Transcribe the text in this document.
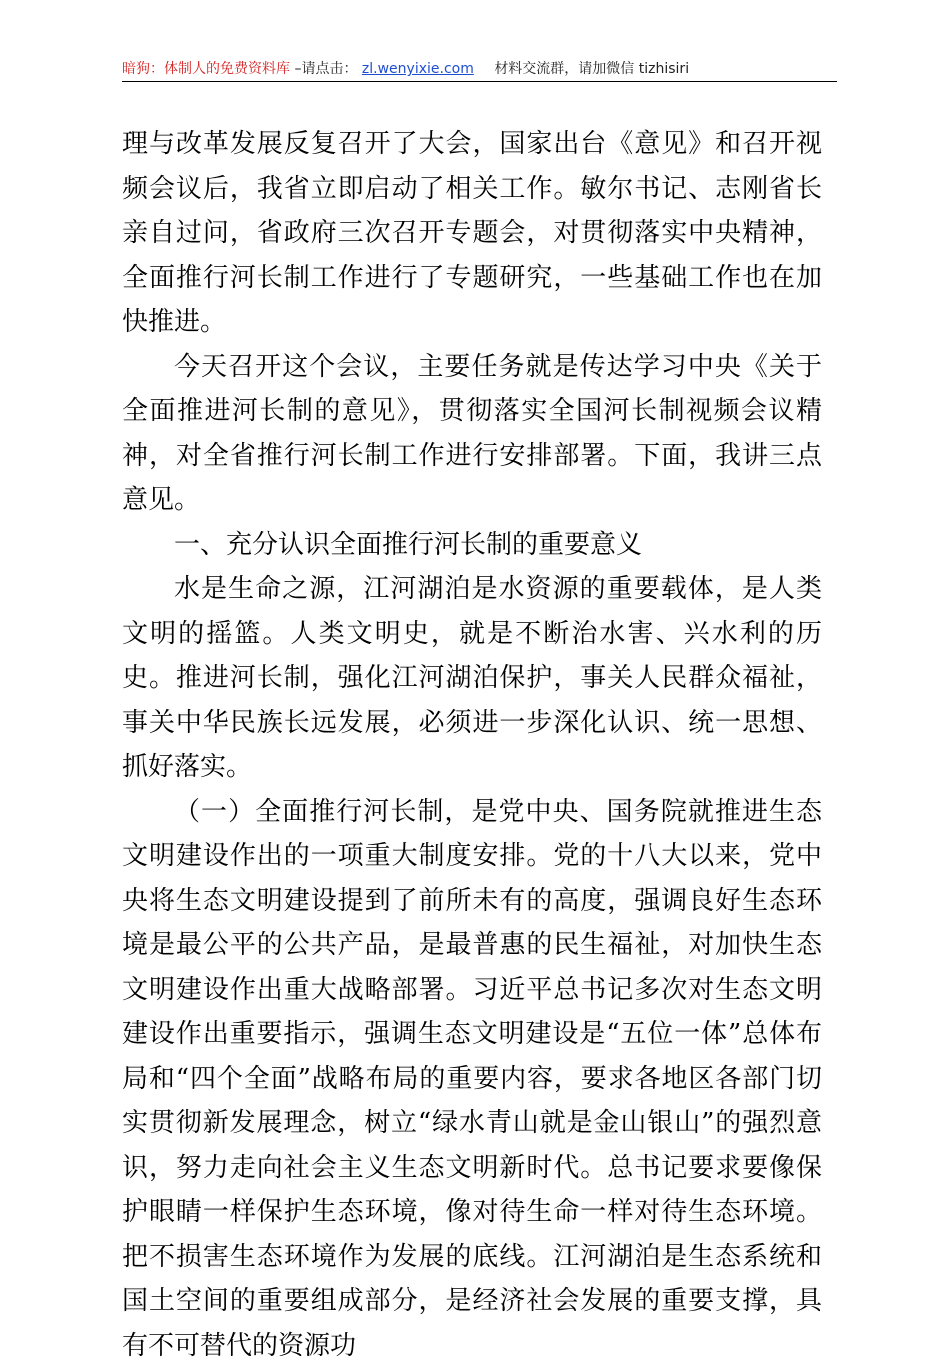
暗狗：体制人的免费资料库 –请点击： zl.wenyixie.com 材料交流群，请加微信 tizhisiri

理与改革发展反复召开了大会，国家出台《意见》和召开视频会议后，我省立即启动了相关工作。敏尔书记、志刚省长亲自过问，省政府三次召开专题会，对贯彻落实中央精神，全面推行河长制工作进行了专题研究，一些基础工作也在加快推进。

今天召开这个会议，主要任务就是传达学习中央《关于全面推进河长制的意见》，贯彻落实全国河长制视频会议精神，对全省推行河长制工作进行安排部署。下面，我讲三点意见。

一、充分认识全面推行河长制的重要意义

水是生命之源，江河湖泊是水资源的重要载体，是人类文明的摇篮。人类文明史，就是不断治水害、兴水利的历史。推进河长制，强化江河湖泊保护，事关人民群众福祉，事关中华民族长远发展，必须进一步深化认识、统一思想、抓好落实。

（一）全面推行河长制，是党中央、国务院就推进生态文明建设作出的一项重大制度安排。党的十八大以来，党中央将生态文明建设提到了前所未有的高度，强调良好生态环境是最公平的公共产品，是最普惠的民生福祉，对加快生态文明建设作出重大战略部署。习近平总书记多次对生态文明建设作出重要指示，强调生态文明建设是“五位一体”总体布局和“四个全面”战略布局的重要内容，要求各地区各部门切实贯彻新发展理念，树立“绿水青山就是金山银山”的强烈意识，努力走向社会主义生态文明新时代。总书记要求要像保护眼睛一样保护生态环境，像对待生命一样对待生态环境。把不损害生态环境作为发展的底线。江河湖泊是生态系统和国土空间的重要组成部分，是经济社会发展的重要支撑，具有不可替代的资源功
